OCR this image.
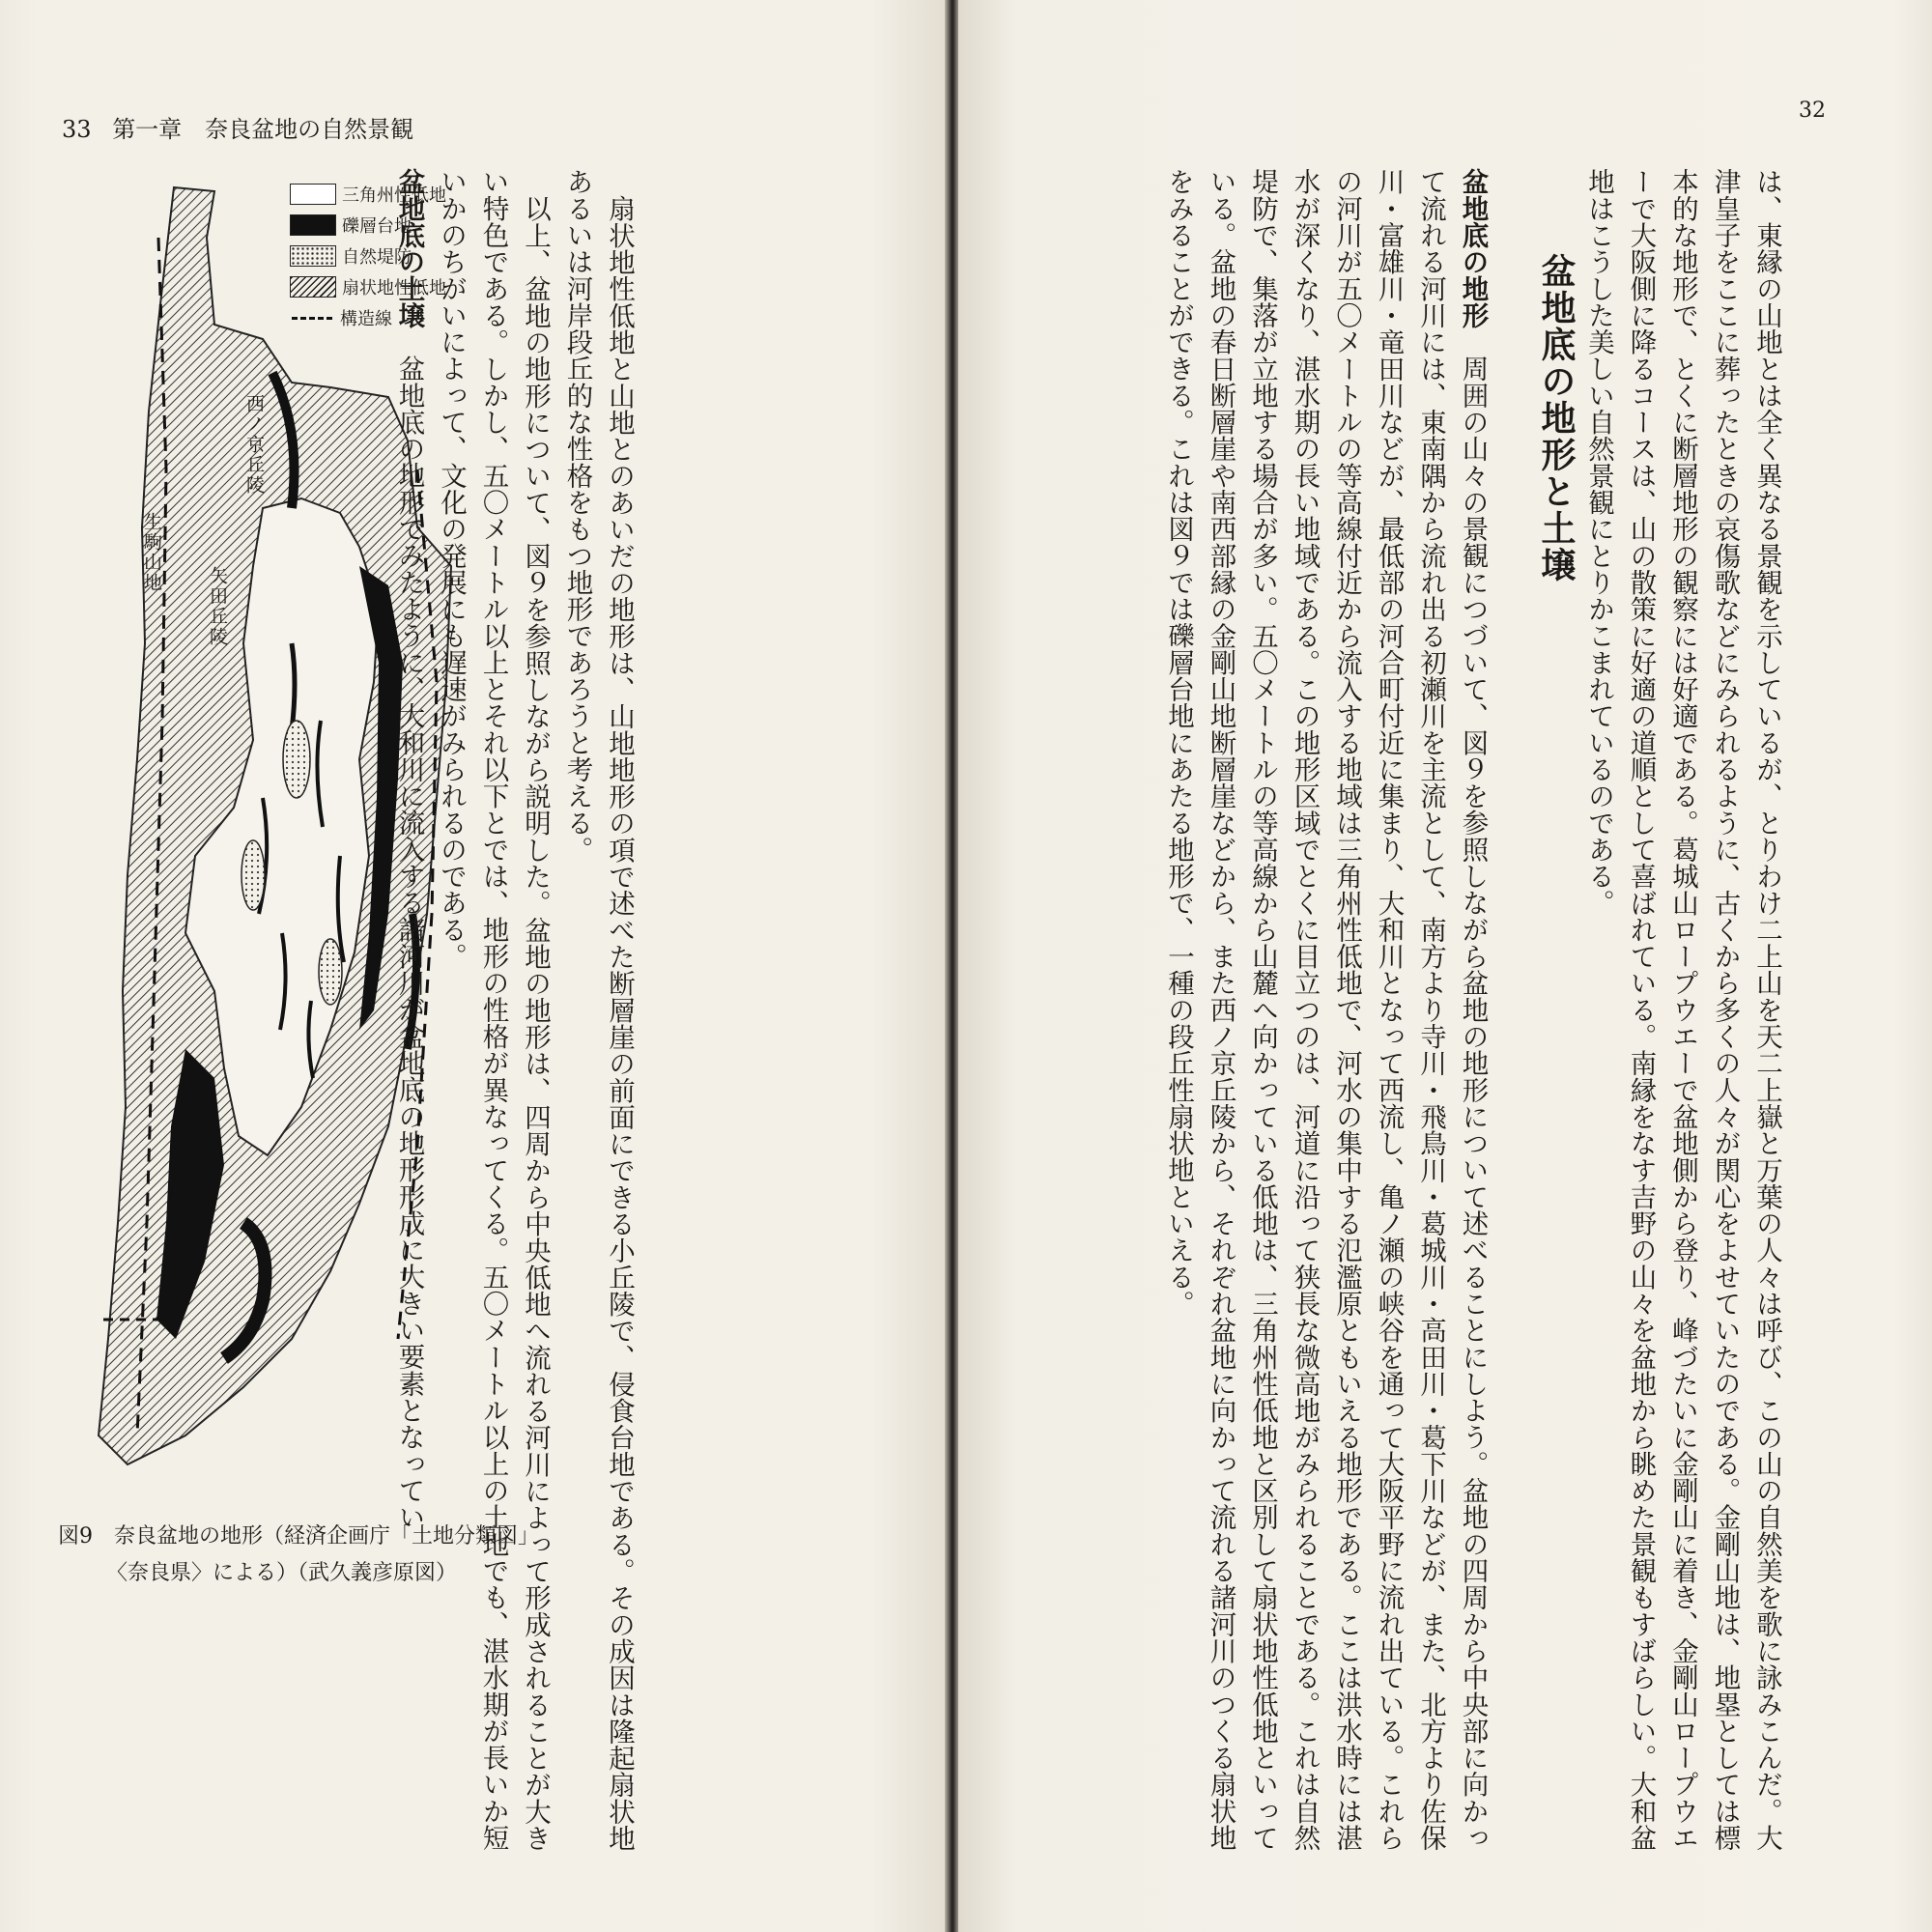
33 第一章　奈良盆地の自然景観
西ノ京丘陵
生駒山地
矢田丘陵
三角州性低地
礫層台地
自然堤防
扇状地性低地
構造線
図9　奈良盆地の地形（経済企画庁「土地分類図」
〈奈良県〉による）（武久義彦原図）	扇状地性低地と山地とのあいだの地形は、山地地形の項で述べた断層崖の前面にできる小丘陵で、侵食台地である。その成因は隆起扇状地あるいは河岸段丘的な性格をもつ地形であろうと考える。

以上、盆地の地形について、図９を参照しながら説明した。盆地の地形は、四周から中央低地へ流れる河川によって形成されることが大きい特色である。しかし、五〇メートル以上とそれ以下とでは、地形の性格が異なってくる。五〇メートル以上の土地でも、湛水期が長いか短いかのちがいによって、文化の発展にも遅速がみられるのである。

盆地底の土壌盆地底の地形でみたように、大和川に流入する諸河川が盆地底の地形形成に大きい要素となってい

32
盆地底の地形と土壌	は、東縁の山地とは全く異なる景観を示しているが、とりわけ二上山を天二上嶽と万葉の人々は呼び、この山の自然美を歌に詠みこんだ。大津皇子をここに葬ったときの哀傷歌などにみられるように、古くから多くの人々が関心をよせていたのである。金剛山地は、地塁としては標本的な地形で、とくに断層地形の観察には好適である。葛城山ロープウエーで盆地側から登り、峰づたいに金剛山に着き、金剛山ロープウエーで大阪側に降るコースは、山の散策に好適の道順として喜ばれている。南縁をなす吉野の山々を盆地から眺めた景観もすばらしい。大和盆地はこうした美しい自然景観にとりかこまれているのである。

盆地底の地形周囲の山々の景観につづいて、図９を参照しながら盆地の地形について述べることにしよう。盆地の四周から中央部に向かって流れる河川には、東南隅から流れ出る初瀬川を主流として、南方より寺川・飛鳥川・葛城川・高田川・葛下川などが、また、北方より佐保川・富雄川・竜田川などが、最低部の河合町付近に集まり、大和川となって西流し、亀ノ瀬の峡谷を通って大阪平野に流れ出ている。これらの河川が五〇メートルの等高線付近から流入する地域は三角州性低地で、河水の集中する氾濫原ともいえる地形である。ここは洪水時には湛水が深くなり、湛水期の長い地域である。この地形区域でとくに目立つのは、河道に沿って狭長な微高地がみられることである。これは自然堤防で、集落が立地する場合が多い。五〇メートルの等高線から山麓へ向かっている低地は、三角州性低地と区別して扇状地性低地といっている。盆地の春日断層崖や南西部縁の金剛山地断層崖などから、また西ノ京丘陵から、それぞれ盆地に向かって流れる諸河川のつくる扇状地をみることができる。これは図９では礫層台地にあたる地形で、一種の段丘性扇状地といえる。
